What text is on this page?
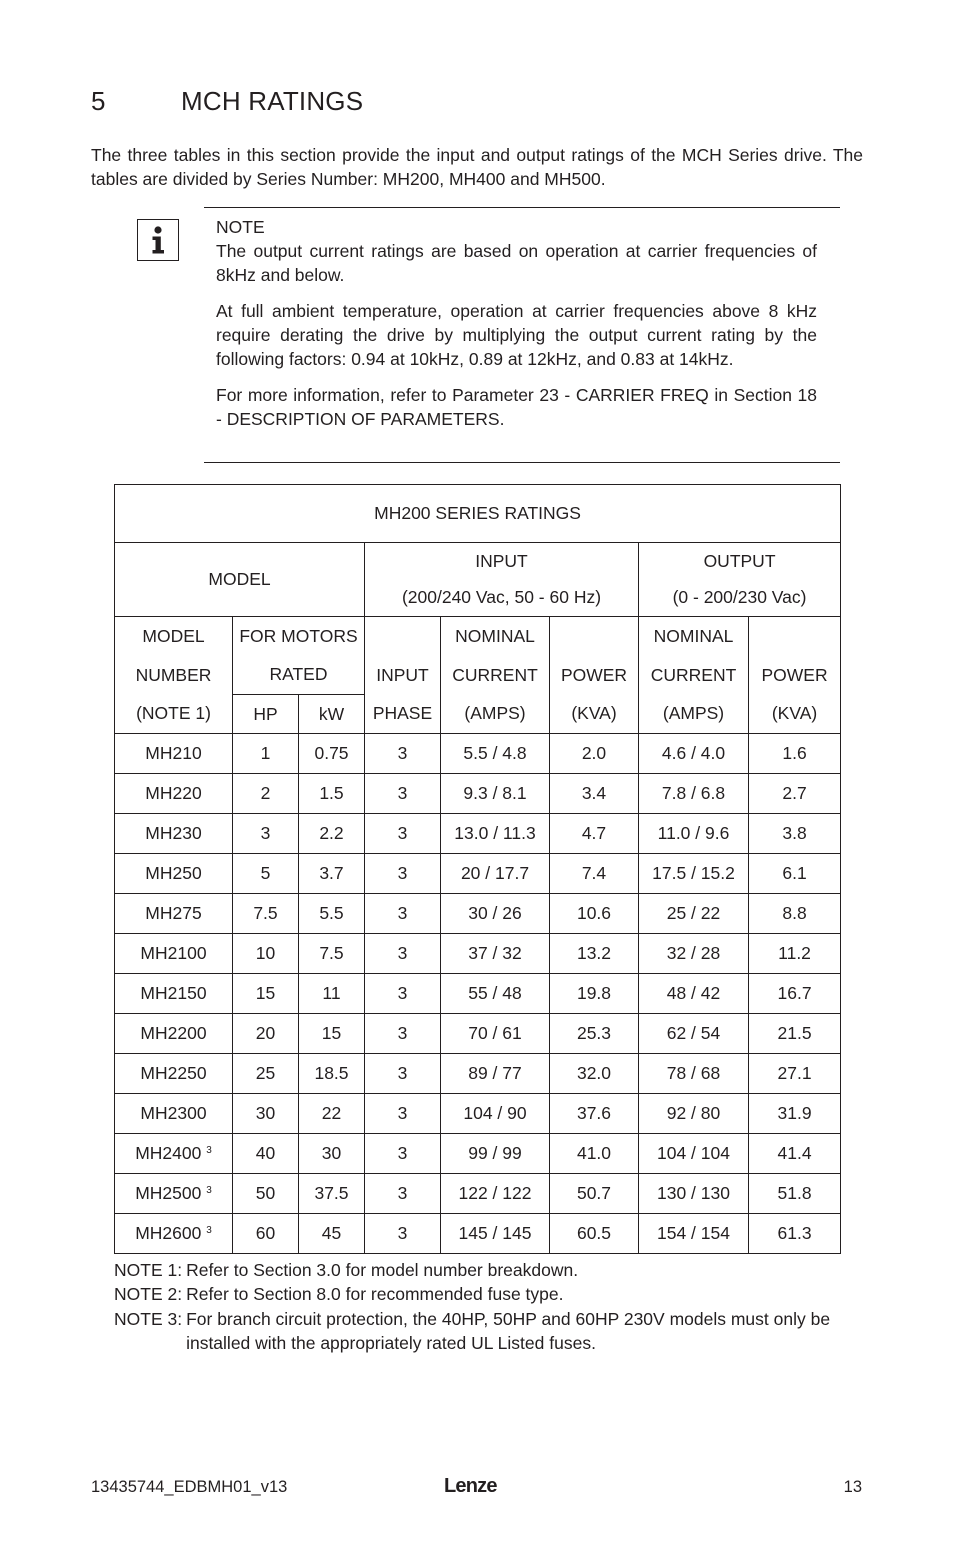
5	MCH RATINGS

The three tables in this section provide the input and output ratings of the MCH Series drive. The tables are divided by Series Number: MH200, MH400 and MH500.

NOTE

The output current ratings are based on operation at carrier frequencies of 8kHz and below.

At full ambient temperature, operation at carrier frequencies above 8 kHz require derating the drive by multiplying the output current rating by the following factors: 0.94 at 10kHz, 0.89 at 12kHz, and 0.83 at 14kHz.

For more information, refer to Parameter 23 - CARRIER FREQ in Section 18 - DESCRIPTION OF PARAMETERS.

MH200 SERIES RATINGS							
MODEL			INPUT			OUTPUT	
			(200/240 Vac, 50 - 60 Hz)			(0 - 200/230 Vac)	
MODEL	FOR MOTORS			NOMINAL		NOMINAL	
NUMBER	RATED		INPUT	CURRENT	POWER	CURRENT	POWER
(NOTE 1)	HP	kW	PHASE	(AMPS)	(KVA)	(AMPS)	(KVA)
MH210	1	0.75	3	5.5 / 4.8	2.0	4.6 / 4.0	1.6
MH220	2	1.5	3	9.3 / 8.1	3.4	7.8 / 6.8	2.7
MH230	3	2.2	3	13.0 / 11.3	4.7	11.0 / 9.6	3.8
MH250	5	3.7	3	20 / 17.7	7.4	17.5 / 15.2	6.1
MH275	7.5	5.5	3	30 / 26	10.6	25 / 22	8.8
MH2100	10	7.5	3	37 / 32	13.2	32 / 28	11.2
MH2150	15	11	3	55 / 48	19.8	48 / 42	16.7
MH2200	20	15	3	70 / 61	25.3	62 / 54	21.5
MH2250	25	18.5	3	89 / 77	32.0	78 / 68	27.1
MH2300	30	22	3	104 / 90	37.6	92 / 80	31.9
MH2400 $^3$	40	30	3	99 / 99	41.0	104 / 104	41.4
MH2500 $^3$	50	37.5	3	122 / 122	50.7	130 / 130	51.8
MH2600 $^3$	60	45	3	145 / 145	60.5	154 / 154	61.3
NOTE 1: Refer to Section 3.0 for model number breakdown.
NOTE 2: Refer to Section 8.0 for recommended fuse type.
NOTE 3: For branch circuit protection, the 40HP, 50HP and 60HP 230V models must only be installed with the appropriately rated UL Listed fuses.
13435744_EDBMH01_v13	Lenze	13
